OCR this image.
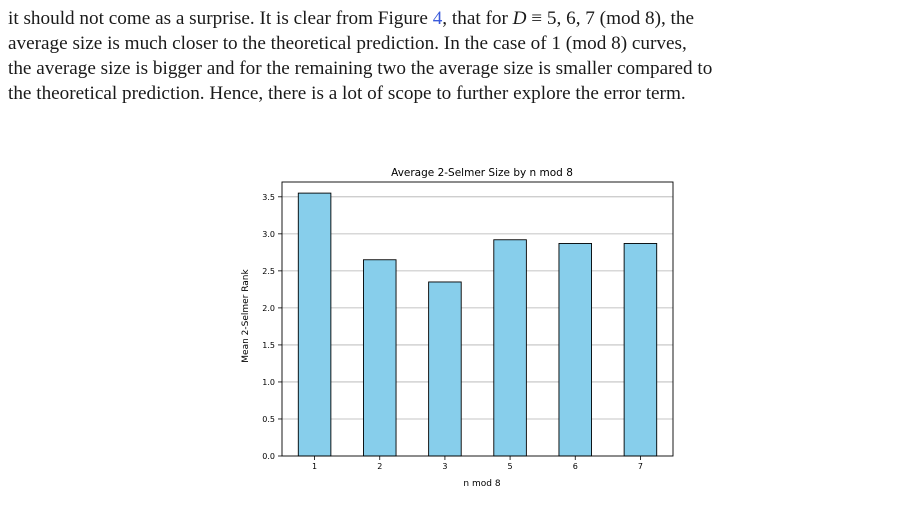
it should not come as a surprise. It is clear from Figure 4, that for D ≡ 5, 6, 7 (mod 8), the
average size is much closer to the theoretical prediction. In the case of 1 (mod 8) curves,
the average size is bigger and for the remaining two the average size is smaller compared to
the theoretical prediction. Hence, there is a lot of scope to further explore the error term.
Average 2-Selmer Size by n mod 8
n mod 8
Mean 2-Selmer Rank
0.0
0.5
1.0
1.5
2.0
2.5
3.0
3.5
1	2	3	5	6	7
